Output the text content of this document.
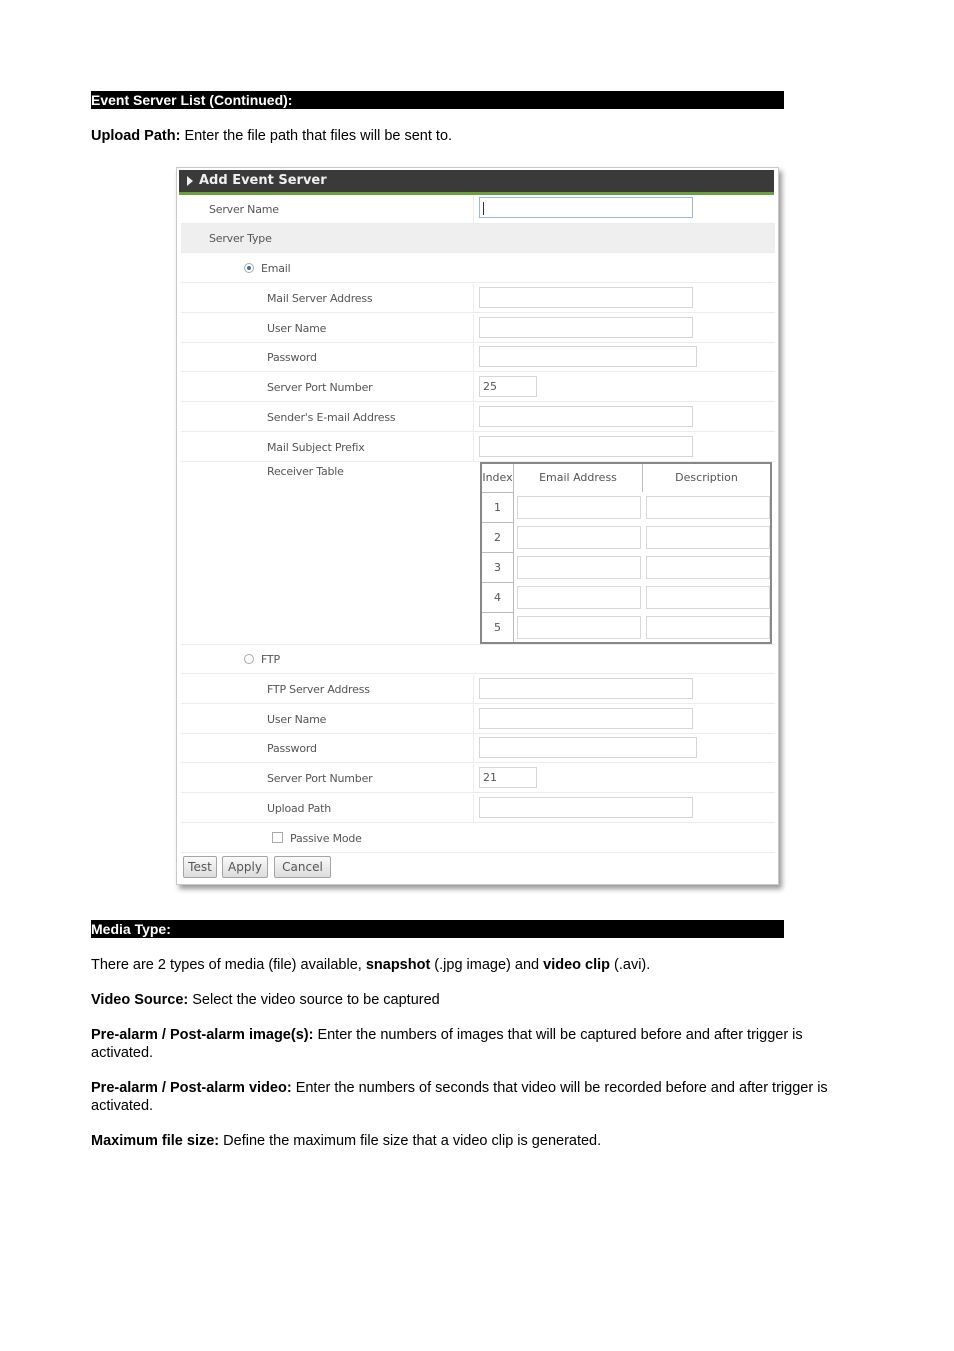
Event Server List (Continued):
Upload Path: Enter the file path that files will be sent to.
Add Event Server
Server Name
Server Type
Email
Mail Server Address
User Name
Password
Server Port Number	25
Sender's E-mail Address
Mail Subject Prefix
Receiver Table	Index	Email Address	Description
1
2
3
4
5
FTP
FTP Server Address
User Name
Password
Server Port Number	21
Upload Path
Passive Mode
Test	Apply	Cancel
Media Type:
There are 2 types of media (file) available, snapshot (.jpg image) and video clip (.avi).
Video Source: Select the video source to be captured
Pre-alarm / Post-alarm image(s): Enter the numbers of images that will be captured before and after trigger is activated.
Pre-alarm / Post-alarm video: Enter the numbers of seconds that video will be recorded before and after trigger is activated.
Maximum file size: Define the maximum file size that a video clip is generated.
